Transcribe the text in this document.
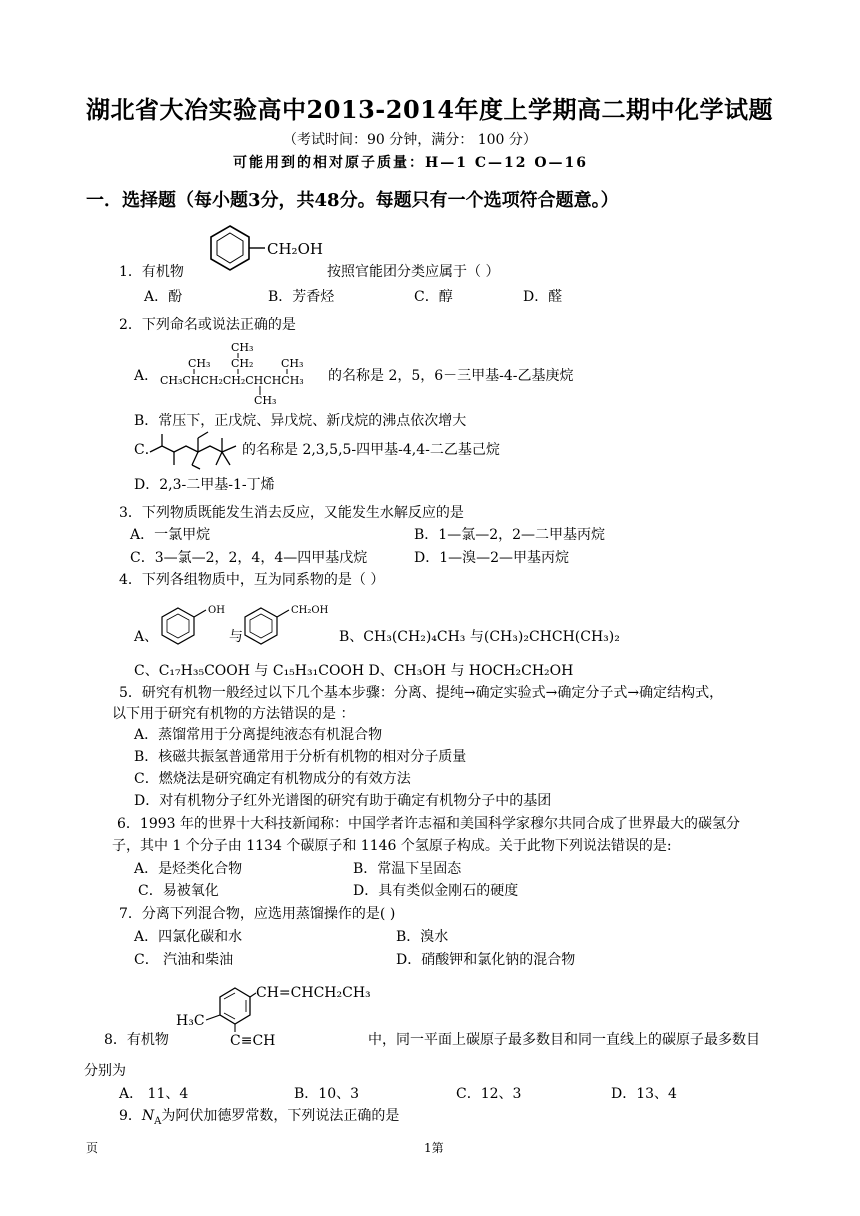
湖北省大冶实验高中2013-2014年度上学期高二期中化学试题
（考试时间：90 分钟，满分： 100 分）
可能用到的相对原子质量：H—1 C—12 O—16
一．选择题（每小题3分，共48分。每题只有一个选项符合题意。）
1．有机物
CH₂OH
按照官能团分类应属于（ ）
A．酚	B．芳香烃	C．醇	D．醛
2．下列命名或说法正确的是
A．
CH₃
CH₃ CH₂	CH₃
CH₃CHCH₂CH₂CHCHCH₃
CH₃
的名称是 2，5，6－三甲基-4-乙基庚烷
B．常压下，正戊烷、异戊烷、新戊烷的沸点依次增大
C．	的名称是 2,3,5,5-四甲基-4,4-二乙基己烷
D．2,3-二甲基-1-丁烯
3．下列物质既能发生消去反应，又能发生水解反应的是
A．一氯甲烷	B．1—氯—2，2—二甲基丙烷
C．3—氯—2，2，4，4—四甲基戊烷	D．1—溴—2—甲基丙烷
4．下列各组物质中，互为同系物的是（ ）
A、
OH
与
CH₂OH
B、CH₃(CH₂)₄CH₃ 与(CH₃)₂CHCH(CH₃)₂
C、C₁₇H₃₅COOH 与 C₁₅H₃₁COOH D、CH₃OH 与 HOCH₂CH₂OH
5．研究有机物一般经过以下几个基本步骤：分离、提纯→确定实验式→确定分子式→确定结构式，
以下用于研究有机物的方法错误的是 ：
A．蒸馏常用于分离提纯液态有机混合物
B．核磁共振氢普通常用于分析有机物的相对分子质量
C．燃烧法是研究确定有机物成分的有效方法
D．对有机物分子红外光谱图的研究有助于确定有机物分子中的基团
6．1993 年的世界十大科技新闻称：中国学者许志福和美国科学家穆尔共同合成了世界最大的碳氢分
子，其中 1 个分子由 1134 个碳原子和 1146 个氢原子构成。关于此物下列说法错误的是:
A．是烃类化合物	B．常温下呈固态
C．易被氧化	D．具有类似金刚石的硬度
7．分离下列混合物，应选用蒸馏操作的是( )
A．四氯化碳和水	B．溴水
C． 汽油和柴油	D．硝酸钾和氯化钠的混合物
8．有机物
CH=CHCH₂CH₃
H₃C
C≡CH	中，同一平面上碳原子最多数目和同一直线上的碳原子最多数目
分别为
A． 11、4	B．10、3	C．12、3	D．13、4
9．$N_A$为阿伏加德罗常数，下列说法正确的是
页	1第
